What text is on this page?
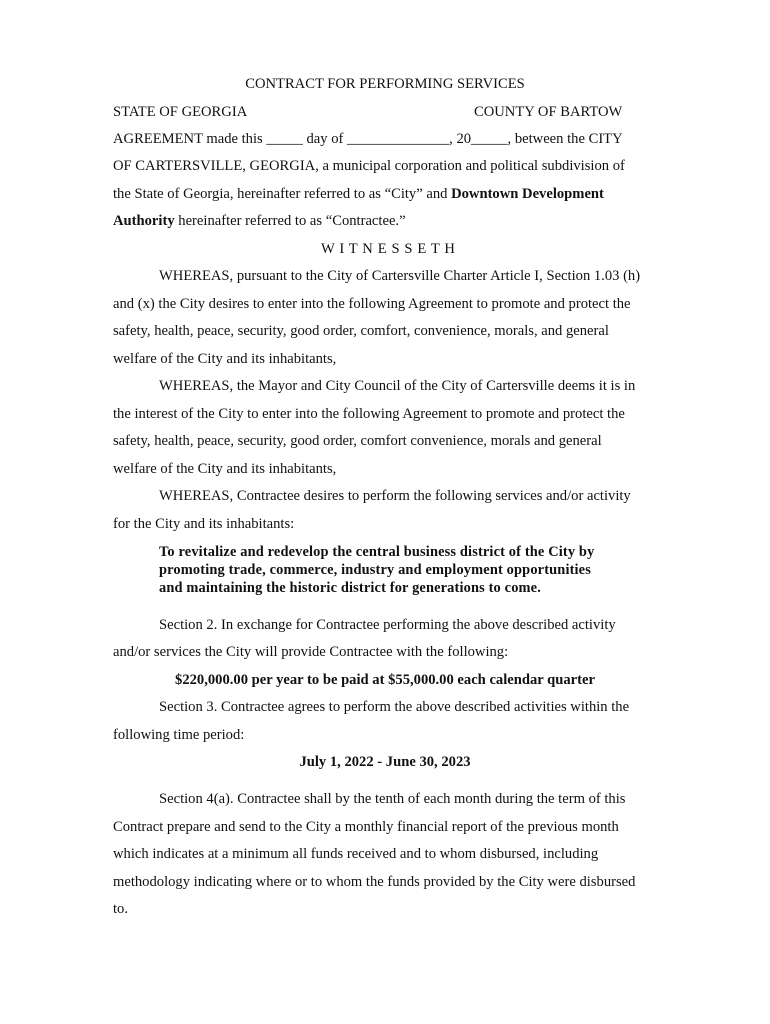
CONTRACT FOR PERFORMING SERVICES
STATE OF GEORGIA	COUNTY OF BARTOW
AGREEMENT made this _____ day of ______________, 20_____, between the CITY
OF CARTERSVILLE, GEORGIA, a municipal corporation and political subdivision of
the State of Georgia, hereinafter referred to as “City” and Downtown Development
Authority hereinafter referred to as “Contractee.”
W I T N E S S E T H
WHEREAS, pursuant to the City of Cartersville Charter Article I, Section 1.03 (h)
and (x) the City desires to enter into the following Agreement to promote and protect the
safety, health, peace, security, good order, comfort, convenience, morals, and general
welfare of the City and its inhabitants,
WHEREAS, the Mayor and City Council of the City of Cartersville deems it is in
the interest of the City to enter into the following Agreement to promote and protect the
safety, health, peace, security, good order, comfort convenience, morals and general
welfare of the City and its inhabitants,
WHEREAS, Contractee desires to perform the following services and/or activity
for the City and its inhabitants:
To revitalize and redevelop the central business district of the City by
promoting trade, commerce, industry and employment opportunities
and maintaining the historic district for generations to come.
Section 2. In exchange for Contractee performing the above described activity
and/or services the City will provide Contractee with the following:
$220,000.00 per year to be paid at $55,000.00 each calendar quarter
Section 3. Contractee agrees to perform the above described activities within the
following time period:
July 1, 2022 - June 30, 2023
Section 4(a). Contractee shall by the tenth of each month during the term of this
Contract prepare and send to the City a monthly financial report of the previous month
which indicates at a minimum all funds received and to whom disbursed, including
methodology indicating where or to whom the funds provided by the City were disbursed
to.
